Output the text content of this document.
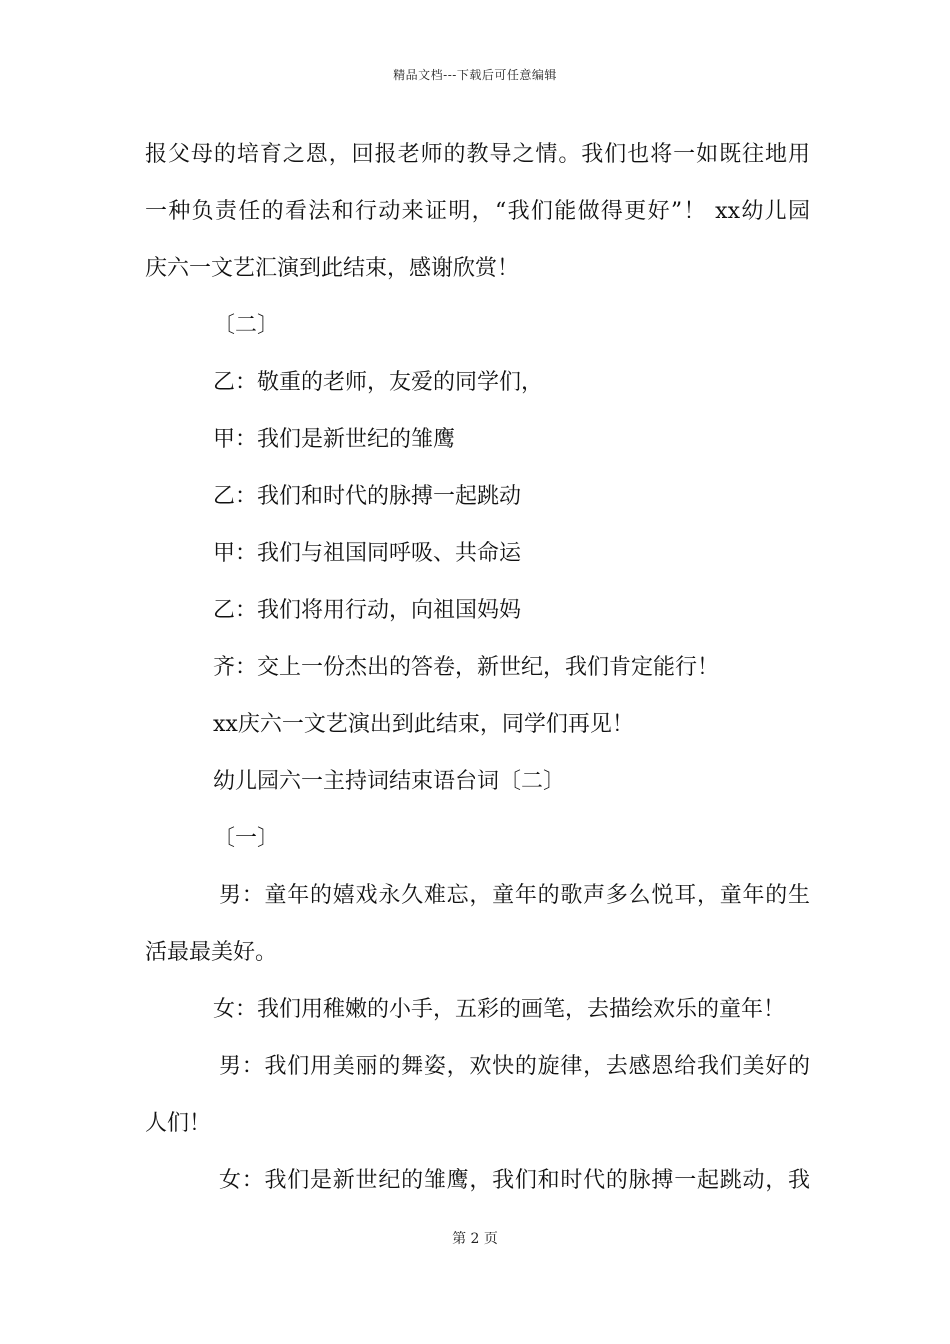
精品文档---下载后可任意编辑
报父母的培育之恩，回报老师的教导之情。我们也将一如既往地用
一种负责任的看法和行动来证明，“我们能做得更好”！ xx幼儿园
庆六一文艺汇演到此结束，感谢欣赏！
〔二〕
乙：敬重的老师，友爱的同学们，
甲：我们是新世纪的雏鹰
乙：我们和时代的脉搏一起跳动
甲：我们与祖国同呼吸、共命运
乙：我们将用行动，向祖国妈妈
齐：交上一份杰出的答卷，新世纪，我们肯定能行！
xx庆六一文艺演出到此结束，同学们再见！
幼儿园六一主持词结束语台词〔二〕
〔一〕
男：童年的嬉戏永久难忘，童年的歌声多么悦耳，童年的生
活最最美好。
女：我们用稚嫩的小手，五彩的画笔，去描绘欢乐的童年！
男：我们用美丽的舞姿，欢快的旋律，去感恩给我们美好的
人们！
女：我们是新世纪的雏鹰，我们和时代的脉搏一起跳动，我
第 2 页
